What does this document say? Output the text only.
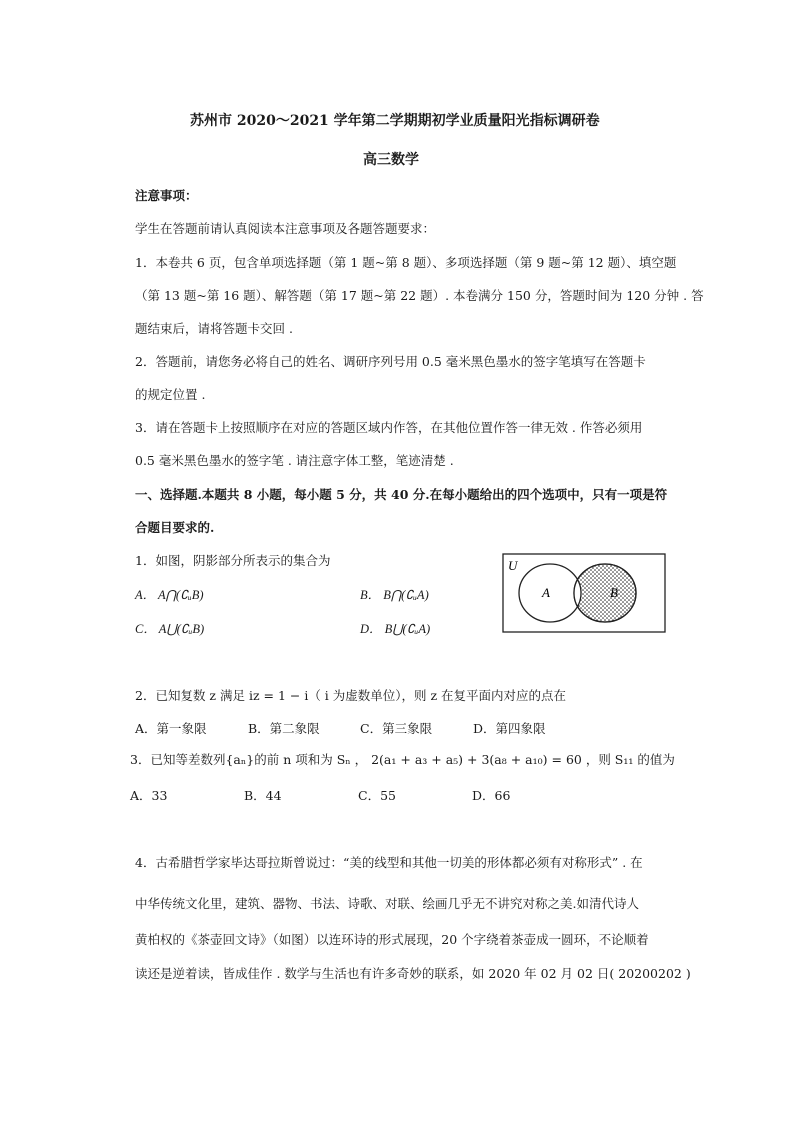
苏州市 2020～2021 学年第二学期期初学业质量阳光指标调研卷
高三数学
注意事项：
学生在答题前请认真阅读本注意事项及各题答题要求：
1．本卷共 6 页，包含单项选择题（第 1 题~第 8 题）、多项选择题（第 9 题~第 12 题）、填空题
（第 13 题~第 16 题）、解答题（第 17 题~第 22 题）. 本卷满分 150 分，答题时间为 120 分钟 . 答
题结束后，请将答题卡交回 .
2．答题前，请您务必将自己的姓名、调研序列号用 0.5 毫米黑色墨水的签字笔填写在答题卡
的规定位置 .
3．请在答题卡上按照顺序在对应的答题区域内作答，在其他位置作答一律无效 . 作答必须用
0.5 毫米黑色墨水的签字笔 . 请注意字体工整，笔迹清楚 .
一、选择题.本题共 8 小题，每小题 5 分，共 40 分.在每小题给出的四个选项中，只有一项是符
合题目要求的.
1．如图，阴影部分所表示的集合为
A． A⋂(∁ᵤB)	B． B⋂(∁ᵤA)
C． A⋃(∁ᵤB)	D． B⋃(∁ᵤA)
U
A	B
2．已知复数 z 满足 iz = 1 − i（ i 为虚数单位），则 z 在复平面内对应的点在
A．第一象限	B．第二象限	C．第三象限	D．第四象限
3．已知等差数列{aₙ}的前 n 项和为 Sₙ ， 2(a₁ + a₃ + a₅) + 3(a₈ + a₁₀) = 60 ，则 S₁₁ 的值为
A．33	B．44	C．55	D．66
4．古希腊哲学家毕达哥拉斯曾说过：“美的线型和其他一切美的形体都必须有对称形式” . 在
中华传统文化里，建筑、器物、书法、诗歌、对联、绘画几乎无不讲究对称之美.如清代诗人
黄柏权的《茶壶回文诗》（如图）以连环诗的形式展现，20 个字绕着茶壶成一圆环，不论顺着
读还是逆着读，皆成佳作 . 数学与生活也有许多奇妙的联系，如 2020 年 02 月 02 日( 20200202 )
